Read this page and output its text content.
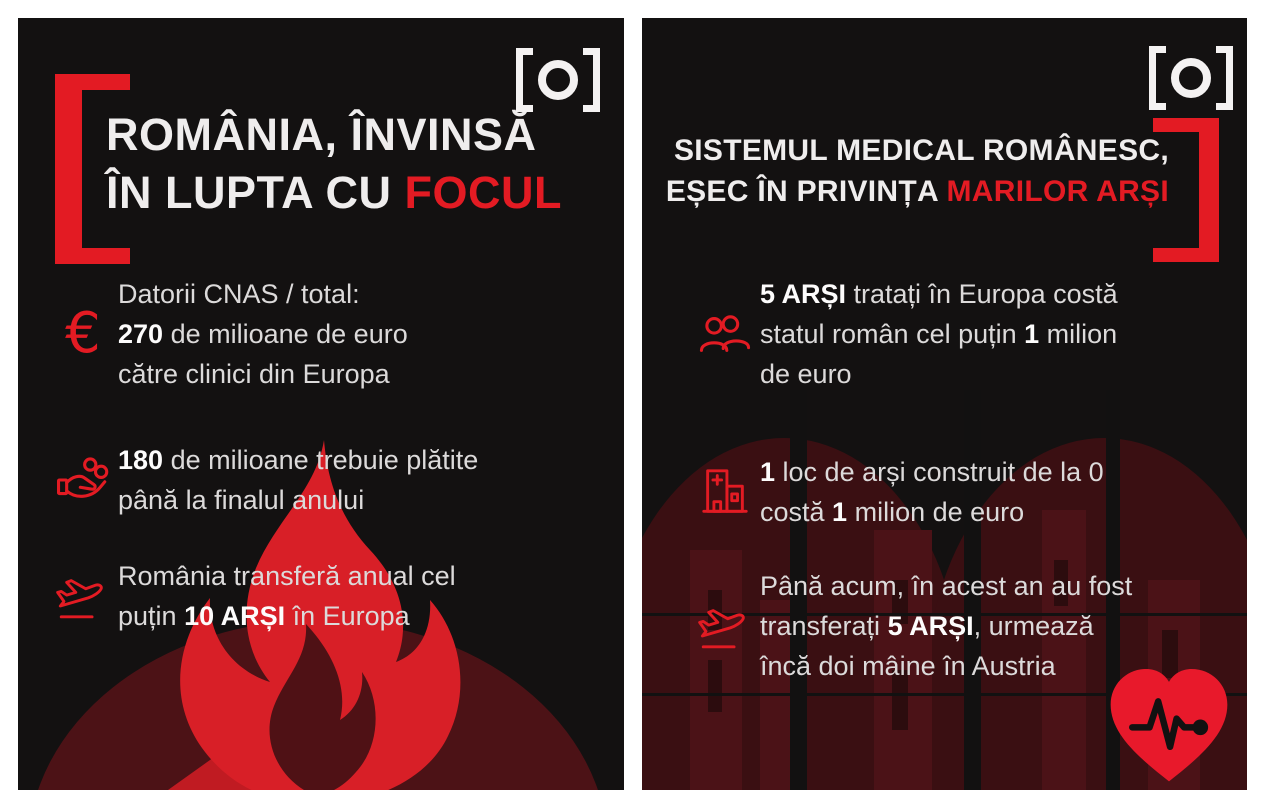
ROMÂNIA, ÎNVINSĂ
ÎN LUPTA CU FOCUL
€
Datorii CNAS / total:
270 de milioane de euro
către clinici din Europa
180 de milioane trebuie plătite
până la finalul anului
România transferă anual cel
puțin 10 ARȘI în Europa
SISTEMUL MEDICAL ROMÂNESC,
EȘEC ÎN PRIVINȚA MARILOR ARȘI
5 ARȘI tratați în Europa costă
statul român cel puțin 1 milion
de euro
1 loc de arși construit de la 0
costă 1 milion de euro
Până acum, în acest an au fost
transferați 5 ARȘI, urmează
încă doi mâine în Austria
